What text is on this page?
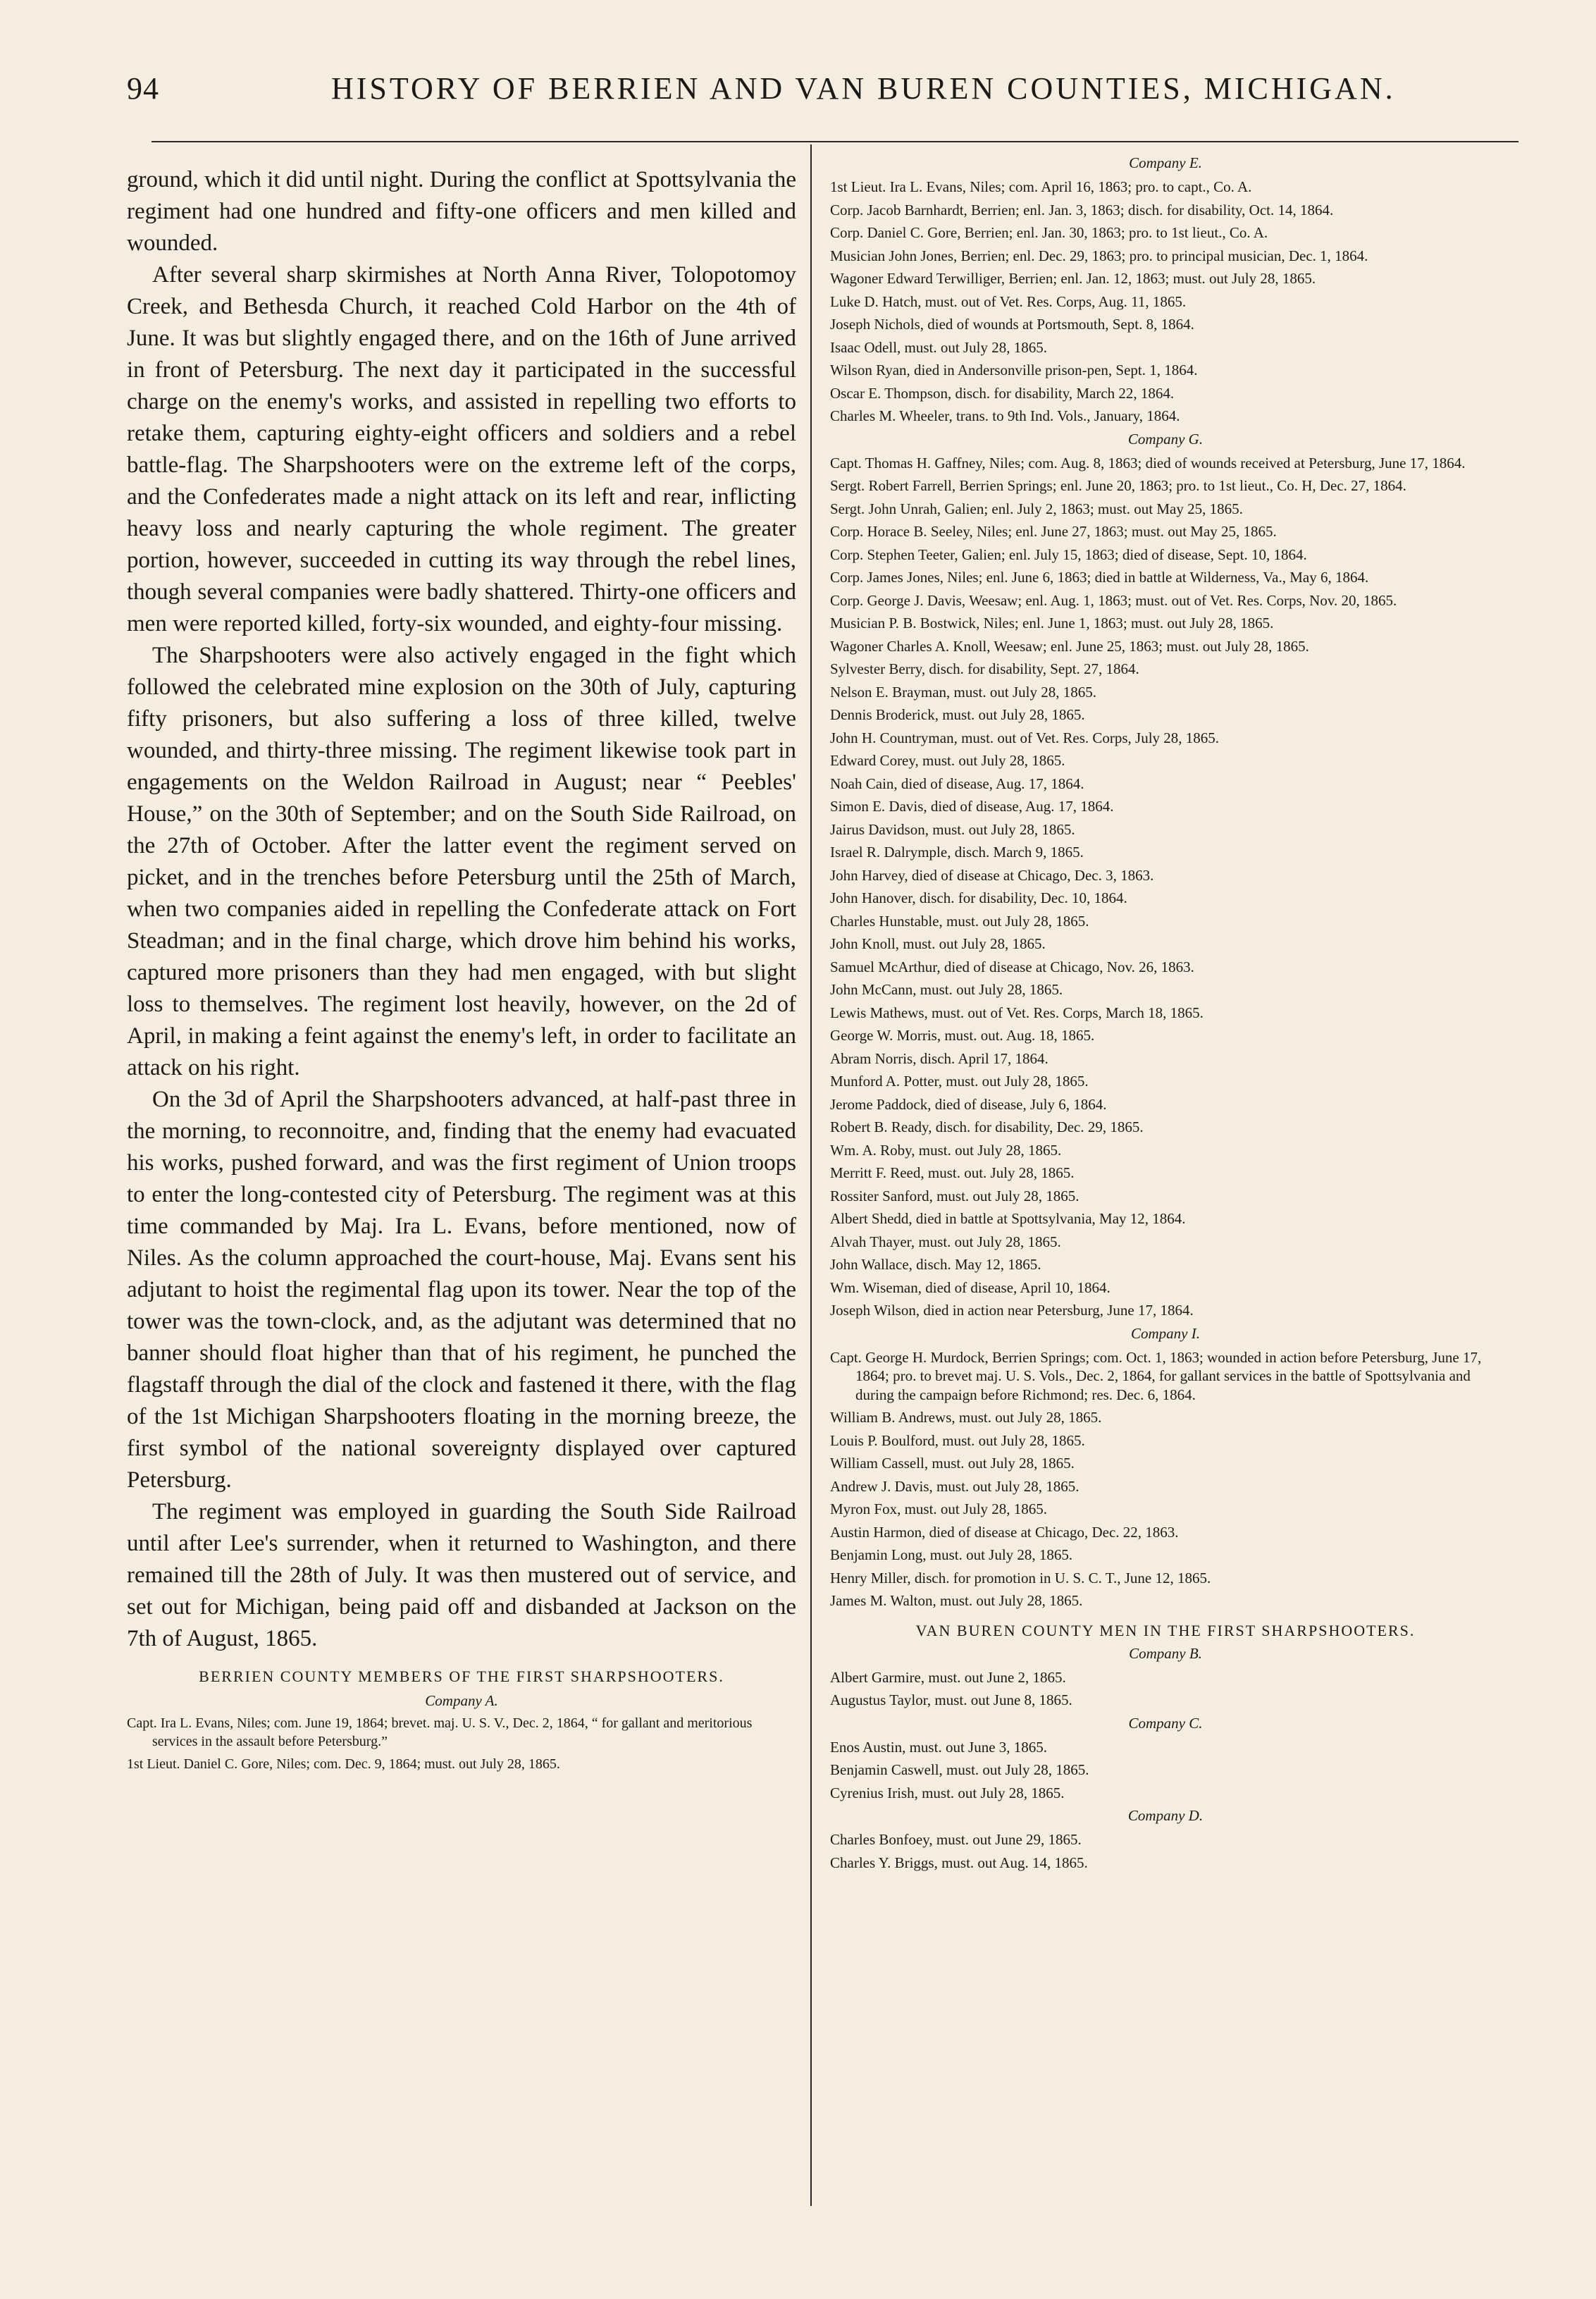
94	HISTORY OF BERRIEN AND VAN BUREN COUNTIES, MICHIGAN.

ground, which it did until night. During the conflict at Spottsylvania the regiment had one hundred and fifty-one officers and men killed and wounded.

After several sharp skirmishes at North Anna River, Tolopotomoy Creek, and Bethesda Church, it reached Cold Harbor on the 4th of June. It was but slightly engaged there, and on the 16th of June arrived in front of Petersburg. The next day it participated in the successful charge on the enemy's works, and assisted in repelling two efforts to retake them, capturing eighty-eight officers and soldiers and a rebel battle-flag. The Sharpshooters were on the extreme left of the corps, and the Confederates made a night attack on its left and rear, inflicting heavy loss and nearly capturing the whole regiment. The greater portion, however, succeeded in cutting its way through the rebel lines, though several companies were badly shattered. Thirty-one officers and men were reported killed, forty-six wounded, and eighty-four missing.

The Sharpshooters were also actively engaged in the fight which followed the celebrated mine explosion on the 30th of July, capturing fifty prisoners, but also suffering a loss of three killed, twelve wounded, and thirty-three missing. The regiment likewise took part in engagements on the Weldon Railroad in August; near “ Peebles' House,” on the 30th of September; and on the South Side Railroad, on the 27th of October. After the latter event the regiment served on picket, and in the trenches before Petersburg until the 25th of March, when two companies aided in repelling the Confederate attack on Fort Steadman; and in the final charge, which drove him behind his works, captured more prisoners than they had men engaged, with but slight loss to themselves. The regiment lost heavily, however, on the 2d of April, in making a feint against the enemy's left, in order to facilitate an attack on his right.

On the 3d of April the Sharpshooters advanced, at half-past three in the morning, to reconnoitre, and, finding that the enemy had evacuated his works, pushed forward, and was the first regiment of Union troops to enter the long-contested city of Petersburg. The regiment was at this time commanded by Maj. Ira L. Evans, before mentioned, now of Niles. As the column approached the court-house, Maj. Evans sent his adjutant to hoist the regimental flag upon its tower. Near the top of the tower was the town-clock, and, as the adjutant was determined that no banner should float higher than that of his regiment, he punched the flagstaff through the dial of the clock and fastened it there, with the flag of the 1st Michigan Sharpshooters floating in the morning breeze, the first symbol of the national sovereignty displayed over captured Petersburg.

The regiment was employed in guarding the South Side Railroad until after Lee's surrender, when it returned to Washington, and there remained till the 28th of July. It was then mustered out of service, and set out for Michigan, being paid off and disbanded at Jackson on the 7th of August, 1865.

BERRIEN COUNTY MEMBERS OF THE FIRST SHARPSHOOTERS.
Company A.
Capt. Ira L. Evans, Niles; com. June 19, 1864; brevet. maj. U. S. V., Dec. 2, 1864, “ for gallant and meritorious services in the assault before Petersburg.”
1st Lieut. Daniel C. Gore, Niles; com. Dec. 9, 1864; must. out July 28, 1865.
Company E.
1st Lieut. Ira L. Evans, Niles; com. April 16, 1863; pro. to capt., Co. A.
Corp. Jacob Barnhardt, Berrien; enl. Jan. 3, 1863; disch. for disability, Oct. 14, 1864.
Corp. Daniel C. Gore, Berrien; enl. Jan. 30, 1863; pro. to 1st lieut., Co. A.
Musician John Jones, Berrien; enl. Dec. 29, 1863; pro. to principal musician, Dec. 1, 1864.
Wagoner Edward Terwilliger, Berrien; enl. Jan. 12, 1863; must. out July 28, 1865.
Luke D. Hatch, must. out of Vet. Res. Corps, Aug. 11, 1865.
Joseph Nichols, died of wounds at Portsmouth, Sept. 8, 1864.
Isaac Odell, must. out July 28, 1865.
Wilson Ryan, died in Andersonville prison-pen, Sept. 1, 1864.
Oscar E. Thompson, disch. for disability, March 22, 1864.
Charles M. Wheeler, trans. to 9th Ind. Vols., January, 1864.
Company G.
Capt. Thomas H. Gaffney, Niles; com. Aug. 8, 1863; died of wounds received at Petersburg, June 17, 1864.
Sergt. Robert Farrell, Berrien Springs; enl. June 20, 1863; pro. to 1st lieut., Co. H, Dec. 27, 1864.
Sergt. John Unrah, Galien; enl. July 2, 1863; must. out May 25, 1865.
Corp. Horace B. Seeley, Niles; enl. June 27, 1863; must. out May 25, 1865.
Corp. Stephen Teeter, Galien; enl. July 15, 1863; died of disease, Sept. 10, 1864.
Corp. James Jones, Niles; enl. June 6, 1863; died in battle at Wilderness, Va., May 6, 1864.
Corp. George J. Davis, Weesaw; enl. Aug. 1, 1863; must. out of Vet. Res. Corps, Nov. 20, 1865.
Musician P. B. Bostwick, Niles; enl. June 1, 1863; must. out July 28, 1865.
Wagoner Charles A. Knoll, Weesaw; enl. June 25, 1863; must. out July 28, 1865.
Sylvester Berry, disch. for disability, Sept. 27, 1864.
Nelson E. Brayman, must. out July 28, 1865.
Dennis Broderick, must. out July 28, 1865.
John H. Countryman, must. out of Vet. Res. Corps, July 28, 1865.
Edward Corey, must. out July 28, 1865.
Noah Cain, died of disease, Aug. 17, 1864.
Simon E. Davis, died of disease, Aug. 17, 1864.
Jairus Davidson, must. out July 28, 1865.
Israel R. Dalrymple, disch. March 9, 1865.
John Harvey, died of disease at Chicago, Dec. 3, 1863.
John Hanover, disch. for disability, Dec. 10, 1864.
Charles Hunstable, must. out July 28, 1865.
John Knoll, must. out July 28, 1865.
Samuel McArthur, died of disease at Chicago, Nov. 26, 1863.
John McCann, must. out July 28, 1865.
Lewis Mathews, must. out of Vet. Res. Corps, March 18, 1865.
George W. Morris, must. out. Aug. 18, 1865.
Abram Norris, disch. April 17, 1864.
Munford A. Potter, must. out July 28, 1865.
Jerome Paddock, died of disease, July 6, 1864.
Robert B. Ready, disch. for disability, Dec. 29, 1865.
Wm. A. Roby, must. out July 28, 1865.
Merritt F. Reed, must. out. July 28, 1865.
Rossiter Sanford, must. out July 28, 1865.
Albert Shedd, died in battle at Spottsylvania, May 12, 1864.
Alvah Thayer, must. out July 28, 1865.
John Wallace, disch. May 12, 1865.
Wm. Wiseman, died of disease, April 10, 1864.
Joseph Wilson, died in action near Petersburg, June 17, 1864.
Company I.
Capt. George H. Murdock, Berrien Springs; com. Oct. 1, 1863; wounded in action before Petersburg, June 17, 1864; pro. to brevet maj. U. S. Vols., Dec. 2, 1864, for gallant services in the battle of Spottsylvania and during the campaign before Richmond; res. Dec. 6, 1864.
William B. Andrews, must. out July 28, 1865.
Louis P. Boulford, must. out July 28, 1865.
William Cassell, must. out July 28, 1865.
Andrew J. Davis, must. out July 28, 1865.
Myron Fox, must. out July 28, 1865.
Austin Harmon, died of disease at Chicago, Dec. 22, 1863.
Benjamin Long, must. out July 28, 1865.
Henry Miller, disch. for promotion in U. S. C. T., June 12, 1865.
James M. Walton, must. out July 28, 1865.
VAN BUREN COUNTY MEN IN THE FIRST SHARPSHOOTERS.
Company B.
Albert Garmire, must. out June 2, 1865.
Augustus Taylor, must. out June 8, 1865.
Company C.
Enos Austin, must. out June 3, 1865.
Benjamin Caswell, must. out July 28, 1865.
Cyrenius Irish, must. out July 28, 1865.
Company D.
Charles Bonfoey, must. out June 29, 1865.
Charles Y. Briggs, must. out Aug. 14, 1865.
